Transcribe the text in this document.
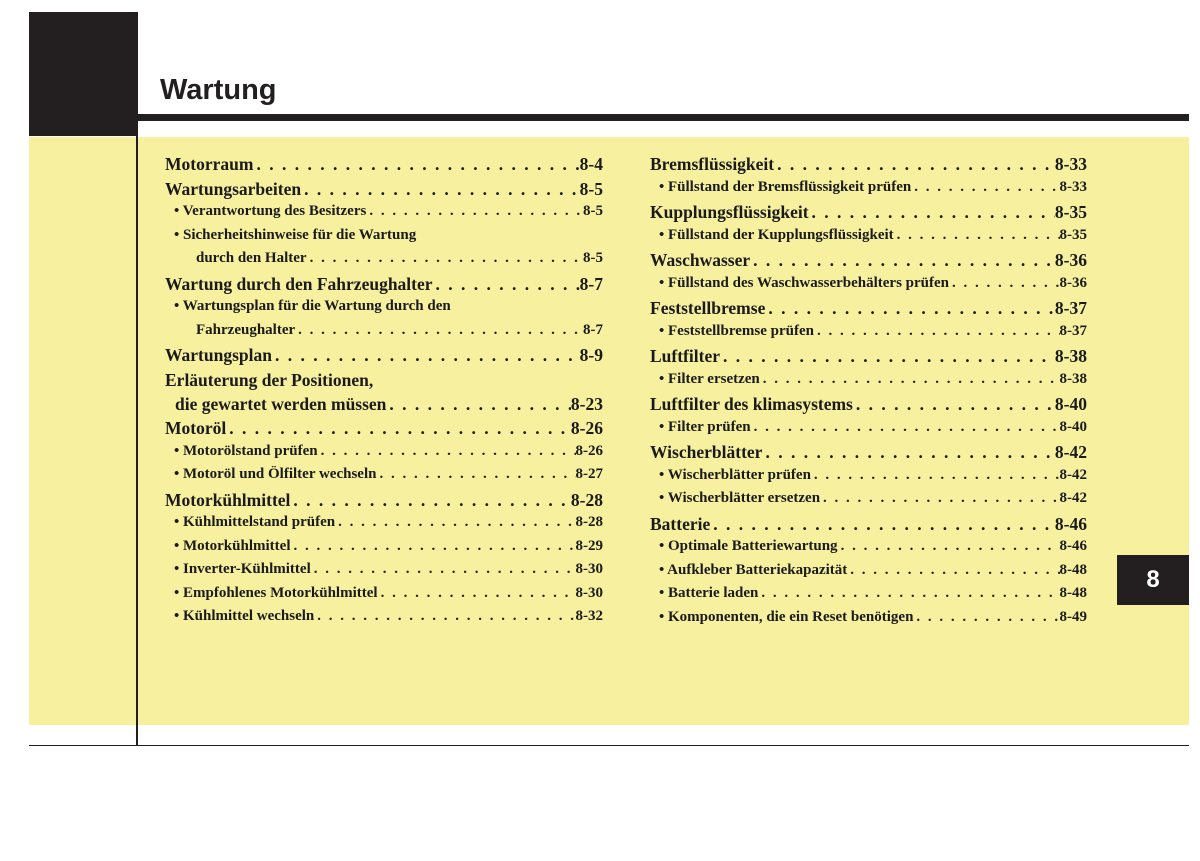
Wartung
Motorraum . . .	8-4
Wartungsarbeiten . . .	8-5
• Verantwortung des Besitzers . . .	8-5
• Sicherheitshinweise für die Wartung
durch den Halter . . .	8-5
Wartung durch den Fahrzeughalter . . .	8-7
• Wartungsplan für die Wartung durch den
Fahrzeughalter . . .	8-7
Wartungsplan . . .	8-9
Erläuterung der Positionen,
die gewartet werden müssen . . .	8-23
Motoröl . . .	8-26
• Motorölstand prüfen . . .	8-26
• Motoröl und Ölfilter wechseln . . .	8-27
Motorkühlmittel . . .	8-28
• Kühlmittelstand prüfen . . .	8-28
• Motorkühlmittel . . .	8-29
• Inverter-Kühlmittel . . .	8-30
• Empfohlenes Motorkühlmittel . . .	8-30
• Kühlmittel wechseln . . .	8-32
Bremsflüssigkeit . . .	8-33
• Füllstand der Bremsflüssigkeit prüfen . . .	8-33
Kupplungsflüssigkeit . . .	8-35
• Füllstand der Kupplungsflüssigkeit . . .	8-35
Waschwasser . . .	8-36
• Füllstand des Waschwasserbehälters prüfen . . .	8-36
Feststellbremse . . .	8-37
• Feststellbremse prüfen . . .	8-37
Luftfilter . . .	8-38
• Filter ersetzen . . .	8-38
Luftfilter des klimasystems . . .	8-40
• Filter prüfen . . .	8-40
Wischerblätter . . .	8-42
• Wischerblätter prüfen . . .	8-42
• Wischerblätter ersetzen . . .	8-42
Batterie . . .	8-46
• Optimale Batteriewartung . . .	8-46
• Aufkleber Batteriekapazität . . .	8-48
• Batterie laden . . .	8-48
• Komponenten, die ein Reset benötigen . . .	8-49
8
